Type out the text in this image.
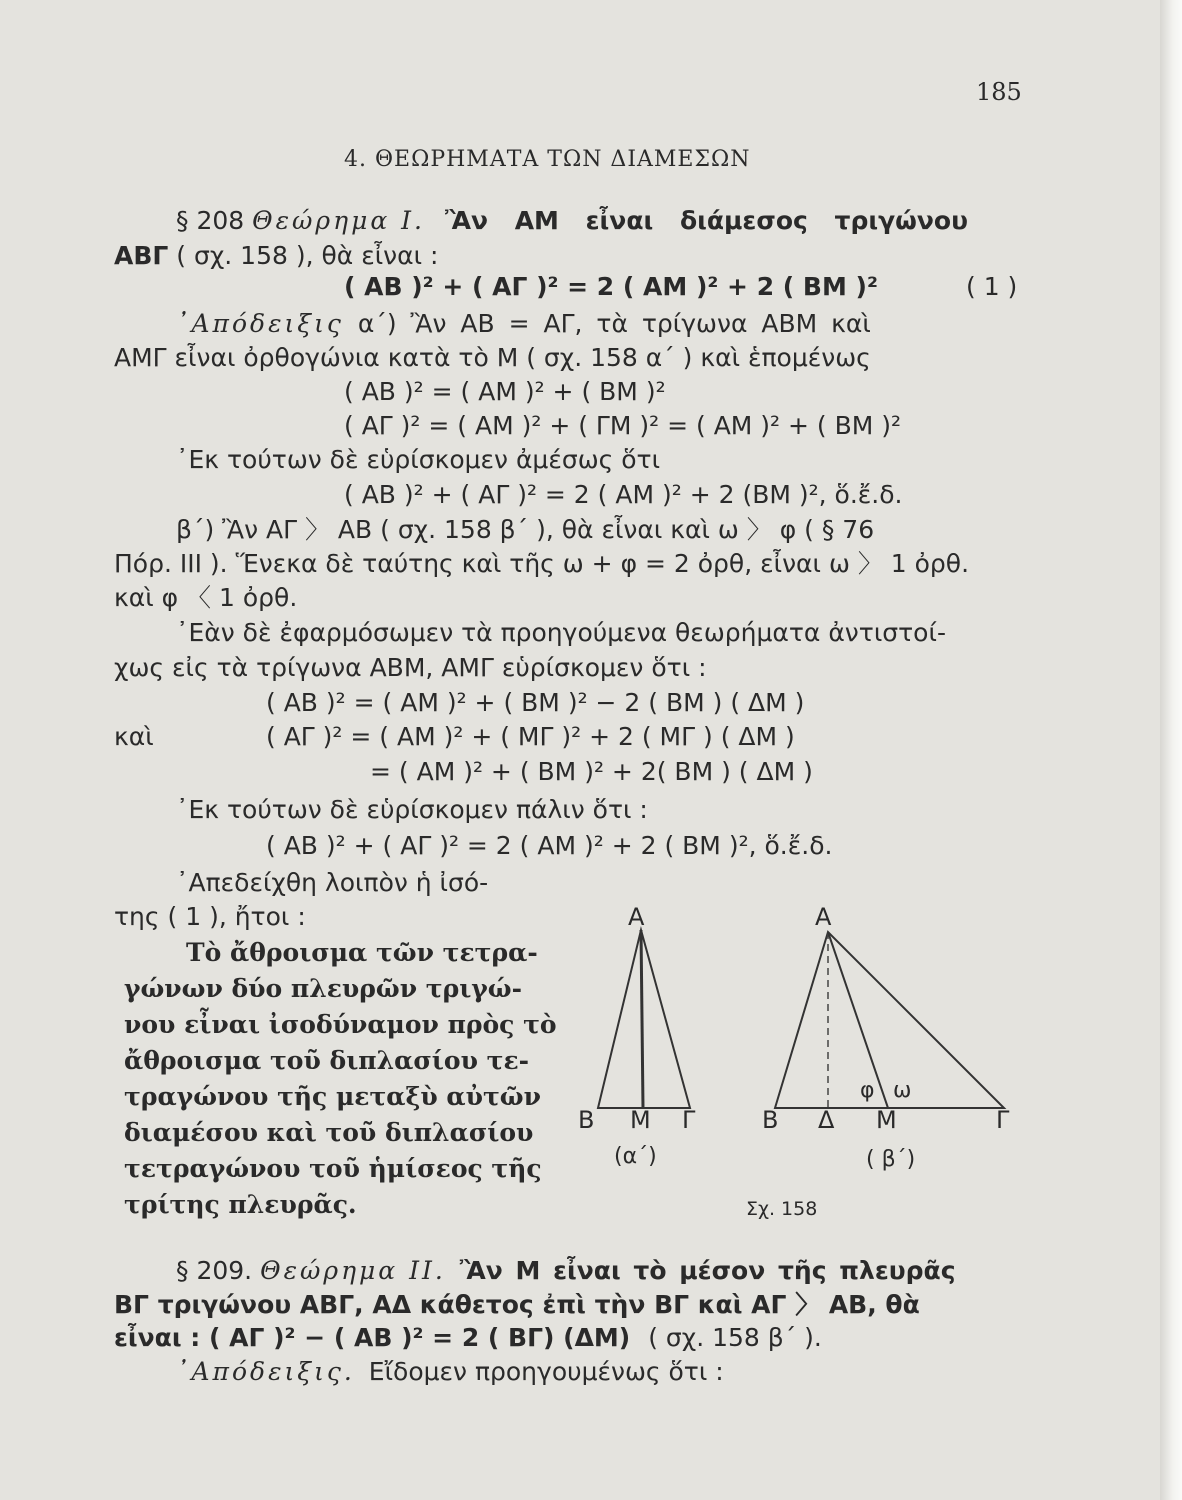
185
4. ΘΕΩΡΗΜΑΤΑ ΤΩΝ ΔΙΑΜΕΣΩΝ
§ 208 Θεώρημα I. Ἂν ΑΜ εἶναι διάμεσος τριγώνου
ΑΒΓ ( σχ. 158 ), θὰ εἶναι :
( ΑΒ )² + ( ΑΓ )² = 2 ( ΑΜ )² + 2 ( ΒΜ )²	( 1 )
᾿Απόδειξις α΄) Ἂν ΑΒ = ΑΓ, τὰ τρίγωνα ΑΒΜ καὶ
ΑΜΓ εἶναι ὀρθογώνια κατὰ τὸ Μ ( σχ. 158 α΄ ) καὶ ἑπομένως
( ΑΒ )² = ( ΑΜ )² + ( ΒΜ )²
( ΑΓ )² = ( ΑΜ )² + ( ΓΜ )² = ( ΑΜ )² + ( ΒΜ )²
᾿Εκ τούτων δὲ εὑρίσκομεν ἀμέσως ὅτι
( ΑΒ )² + ( ΑΓ )² = 2 ( ΑΜ )² + 2 (ΒΜ )², ὅ.ἔ.δ.
β΄) Ἂν ΑΓ 〉 ΑΒ ( σχ. 158 β΄ ), θὰ εἶναι καὶ ω 〉 φ ( § 76
Πόρ. ΙΙΙ ). Ἕνεκα δὲ ταύτης καὶ τῆς ω + φ = 2 ὀρθ, εἶναι ω 〉 1 ὀρθ.
καὶ φ 〈 1 ὀρθ.
᾿Εὰν δὲ ἐφαρμόσωμεν τὰ προηγούμενα θεωρήματα ἀντιστοί-
χως εἰς τὰ τρίγωνα ΑΒΜ, ΑΜΓ εὑρίσκομεν ὅτι :
( ΑΒ )² = ( ΑΜ )² + ( ΒΜ )² − 2 ( ΒΜ ) ( ΔΜ )
καὶ	( ΑΓ )² = ( ΑΜ )² + ( ΜΓ )² + 2 ( ΜΓ ) ( ΔΜ )
= ( ΑΜ )² + ( ΒΜ )² + 2( ΒΜ ) ( ΔΜ )
᾿Εκ τούτων δὲ εὑρίσκομεν πάλιν ὅτι :
( ΑΒ )² + ( ΑΓ )² = 2 ( ΑΜ )² + 2 ( ΒΜ )², ὅ.ἔ.δ.
᾿Απεδείχθη λοιπὸν ἡ ἰσό-
της ( 1 ), ἤτοι :
Τὸ ἄθροισμα τῶν τετρα-
γώνων δύο πλευρῶν τριγώ-
νου εἶναι ἰσοδύναμον πρὸς τὸ
ἄθροισμα τοῦ διπλασίου τε-
τραγώνου τῆς μεταξὺ αὐτῶν
διαμέσου καὶ τοῦ διπλασίου
τετραγώνου τοῦ ἡμίσεος τῆς
τρίτης πλευρᾶς.
Α
Β Μ Γ
(α΄)
φ ω
Α
Β Δ Μ	Γ
( β΄)
Σχ. 158
§ 209. Θεώρημα II. Ἂν Μ εἶναι τὸ μέσον τῆς πλευρᾶς
ΒΓ τριγώνου ΑΒΓ, ΑΔ κάθετος ἐπὶ τὴν ΒΓ καὶ ΑΓ 〉 ΑΒ, θὰ
εἶναι : ( ΑΓ )² − ( ΑΒ )² = 2 ( ΒΓ) (ΔΜ) ( σχ. 158 β΄ ).
᾿Απόδειξις. Εἴδομεν προηγουμένως ὅτι :
